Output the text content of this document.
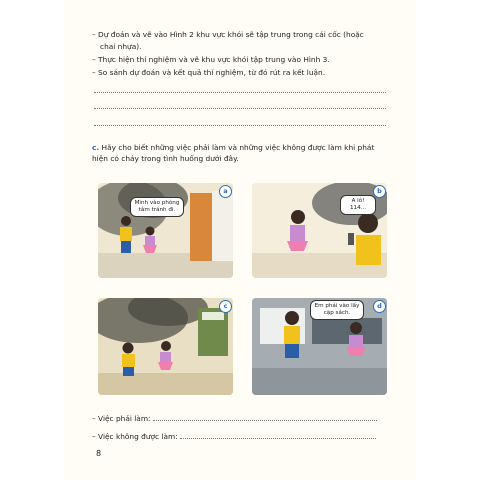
– Dự đoán và vẽ vào Hình 2 khu vực khói sẽ tập trung trong cái cốc (hoặc
chai nhựa).
– Thực hiện thí nghiệm và vẽ khu vực khói tập trung vào Hình 3.
– So sánh dự đoán và kết quả thí nghiệm, từ đó rút ra kết luận.
c. Hãy cho biết những việc phải làm và những việc không được làm khi phát hiện có cháy trong tình huống dưới đây.
Mình vào phòng tắm tránh đi.
a
A lô! 114...
b
c	Em phải vào lấy cặp sách.
d
– Việc phải làm:
– Việc không được làm:
8
